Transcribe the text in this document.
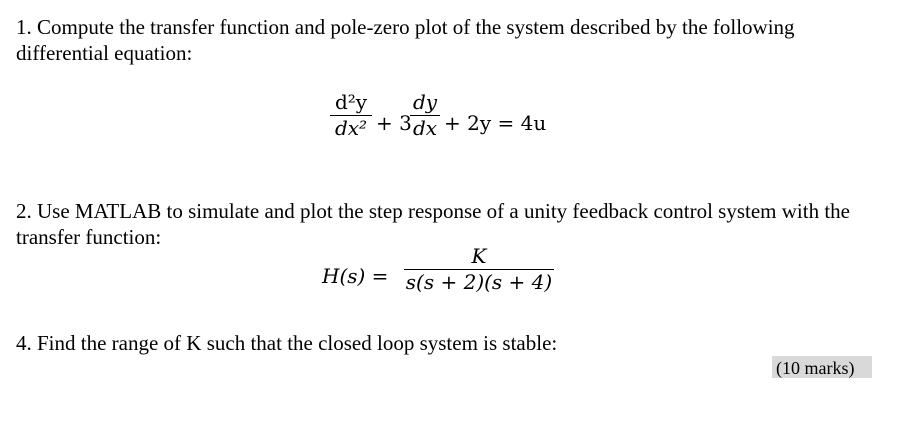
1. Compute the transfer function and pole-zero plot of the system described by the following differential equation:

d²y
dx² + 3
dy
dx + 2y = 4u

2. Use MATLAB to simulate and plot the step response of a unity feedback control system with the transfer function:

H(s) =
K
s(s + 2)(s + 4)

4. Find the range of K such that the closed loop system is stable:

(10 marks)
